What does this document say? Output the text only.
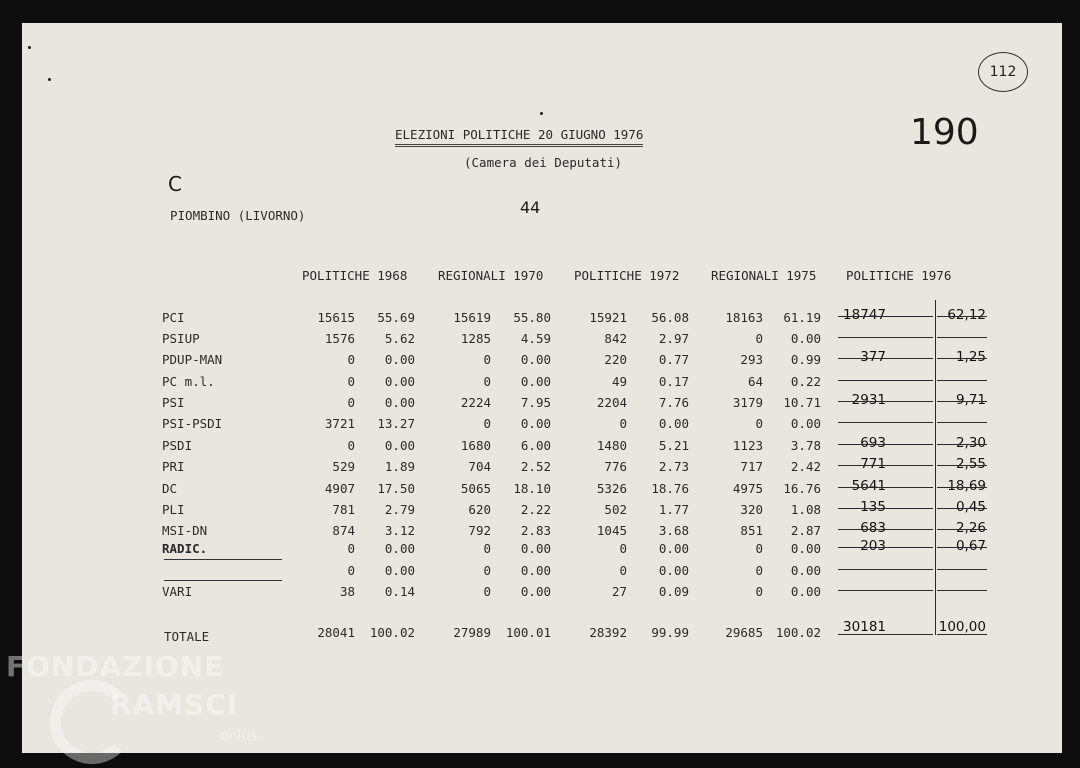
ELEZIONI POLITICHE 20 GIUGNO 1976
(Camera dei Deputati)
112
190
C
44
PIOMBINO (LIVORNO)
POLITICHE 1968 REGIONALI 1970 POLITICHE 1972	REGIONALI 1975 POLITICHE 1976
PCI	15615 55.69	15619 55.80	15921 56.08	18163 61.19 18747	62,12
PSIUP	1576 5.62	1285 4.59	842	2.97	0 0.00
PDUP-MAN	0 0.00	0 0.00	220	0.77	293 0.99	377	1,25
PC m.l.	0 0.00	0 0.00	49	0.17	64 0.22
PSI	0 0.00	2224 7.95	2204	7.76	3179 10.71 2931	9,71
PSI-PSDI	3721 13.27	0 0.00	0	0.00	0 0.00
PSDI	0 0.00	1680 6.00	1480	5.21	1123 3.78	693	2,30
PRI	529 1.89	704 2.52	776	2.73	717 2.42	771	2,55
DC	4907 17.50	5065 18.10	5326 18.76	4975 16.76 5641	18,69
PLI	781 2.79	620 2.22	502	1.77	320 1.08	135	0,45
MSI-DN	874 3.12	792 2.83	1045	3.68	851 2.87	683	2,26
RADIC.	0 0.00	0 0.00	0	0.00	0 0.00	203	0,67
0 0.00	0 0.00	0	0.00	0 0.00
VARI	38 0.14	0 0.00	27	0.09	0 0.00
TOTALE	28041 100.02	27989 100.01	28392 99.99	29685 100.02 30181	100,00
FONDAZIONE
RAMSCI
onlus
